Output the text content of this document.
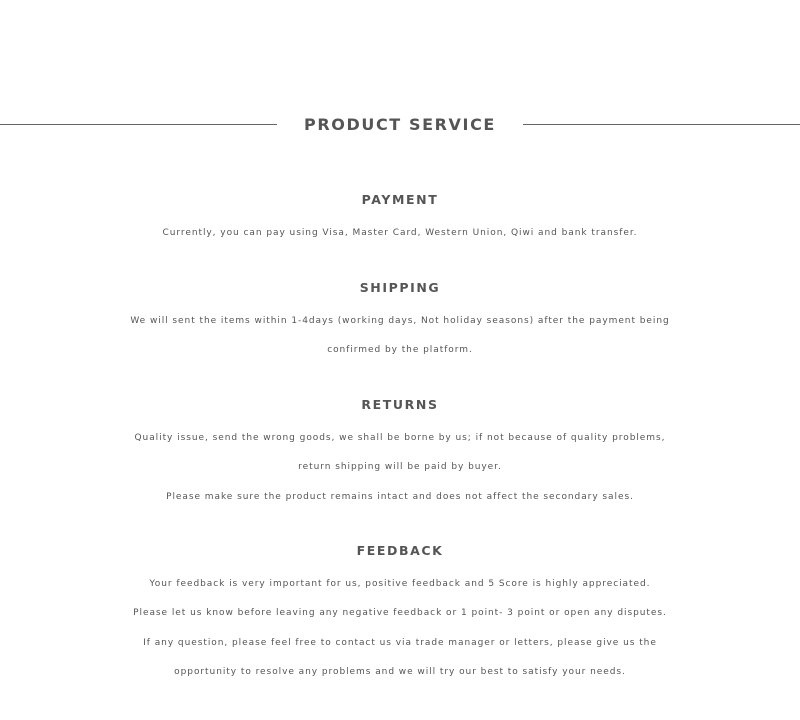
PRODUCT SERVICE
PAYMENT
Currently, you can pay using Visa, Master Card, Western Union, Qiwi and bank transfer.
SHIPPING
We will sent the items within 1-4days (working days, Not holiday seasons) after the payment being
confirmed by the platform.
RETURNS
Quality issue, send the wrong goods, we shall be borne by us; if not because of quality problems,
return shipping will be paid by buyer.
Please make sure the product remains intact and does not affect the secondary sales.
FEEDBACK
Your feedback is very important for us, positive feedback and 5 Score is highly appreciated.
Please let us know before leaving any negative feedback or 1 point- 3 point or open any disputes.
If any question, please feel free to contact us via trade manager or letters, please give us the
opportunity to resolve any problems and we will try our best to satisfy your needs.
